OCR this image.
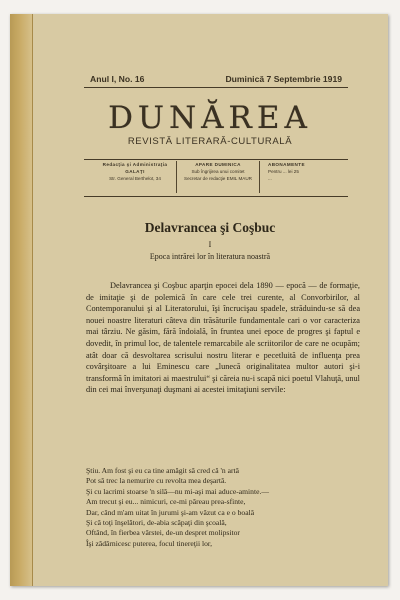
Anul I, No. 16	Duminică 7 Septembrie 1919
DUNĂREA
REVISTĂ LITERARĂ-CULTURALĂ
Redacţia şi Administraţia
GALAŢI
Str. General Berthelot, 34
APARE DUMINICA
Sub îngrijirea unui comitet
Secretar de redacţie EMIL MAUR
ABONAMENTE
Pentru ... lei 25
...
Delavrancea şi Coşbuc
I
Epoca intrărei lor în literatura noastră

Delavrancea şi Coşbuc aparţin epocei dela 1890 — epocă — de formaţie, de imitaţie şi de polemică în care cele trei curente, al Convorbirilor, al Contemporanului şi al Literatorului, îşi încrucişau spadele, străduindu-se să dea nouei noastre literaturi câteva din trăsăturile fundamentale cari o vor caracteriza mai târziu. Ne găsim, fără îndoială, în fruntea unei epoce de progres şi faptul e dovedit, în primul loc, de talentele remarcabile ale scriitorilor de care ne ocupăm; atât doar că desvoltarea scrisului nostru literar e pecetluită de influenţa prea covârşitoare a lui Eminescu care „lunecă originalitatea multor autori şi-i transformă în imitatori ai maestrului“ şi căreia nu-i scapă nici poetul Vlahuţă, unul din cei mai înverşunaţi duşmani ai acestei imitaţiuni servile:

Ştiu. Am fost şi eu ca tine amăgit să cred că 'n artă
Pot să trec la nemurire cu revolta mea deşartă.
Şi cu lacrimi stoarse 'n silă—nu mi-aşi mai aduce-aminte.—
Am trecut şi eu... nimicuri, ce-mi păreau prea-sfinte,
Dar, când m'am uitat în jurumi şi-am văzut ca e o boală
Şi că toţi înşelători, de-abia scăpaţi din şcoală,
Oftând, în fierbea vârstei, de-un despret molipsitor
Îşi zădărnicesc puterea, focul tinereţii lor,
